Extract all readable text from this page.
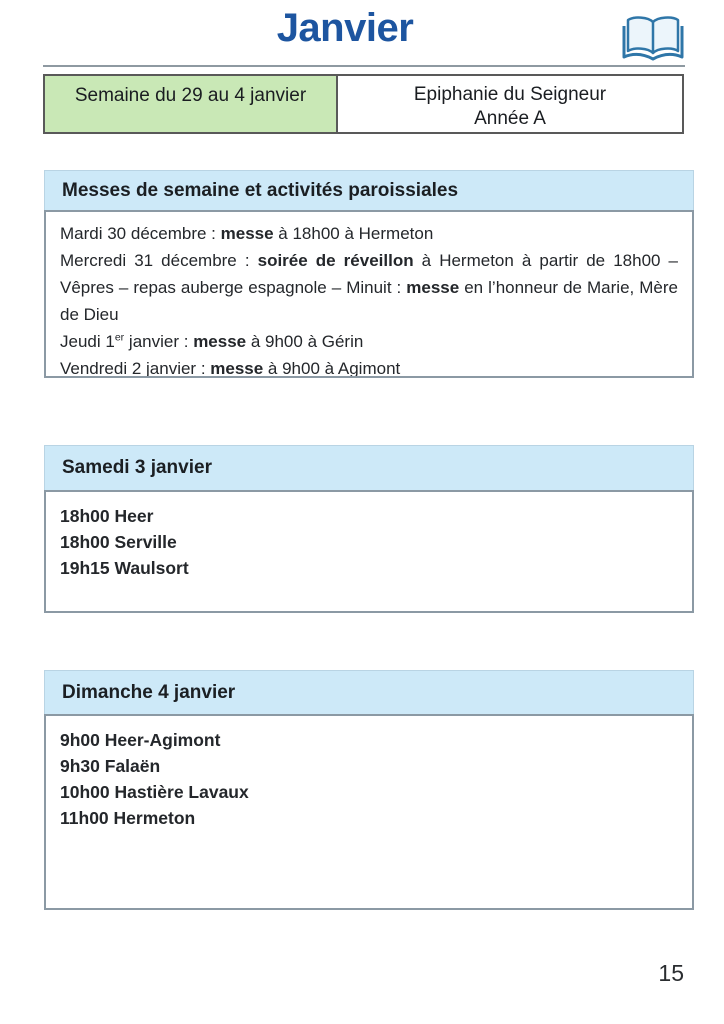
Janvier
Semaine du 29 au 4 janvier	Epiphanie du Seigneur
Année A
Messes de semaine et activités paroissiales
Mardi 30 décembre : messe à 18h00 à Hermeton
Mercredi 31 décembre : soirée de réveillon à Hermeton à partir de 18h00 – Vêpres – repas auberge espagnole – Minuit : messe en l’honneur de Marie, Mère de Dieu
Jeudi 1er janvier : messe à 9h00 à Gérin
Vendredi 2 janvier : messe à 9h00 à Agimont
Samedi 3 janvier
18h00 Heer
18h00 Serville
19h15 Waulsort
Dimanche 4 janvier
9h00 Heer-Agimont
9h30 Falaën
10h00 Hastière Lavaux
11h00 Hermeton
15
